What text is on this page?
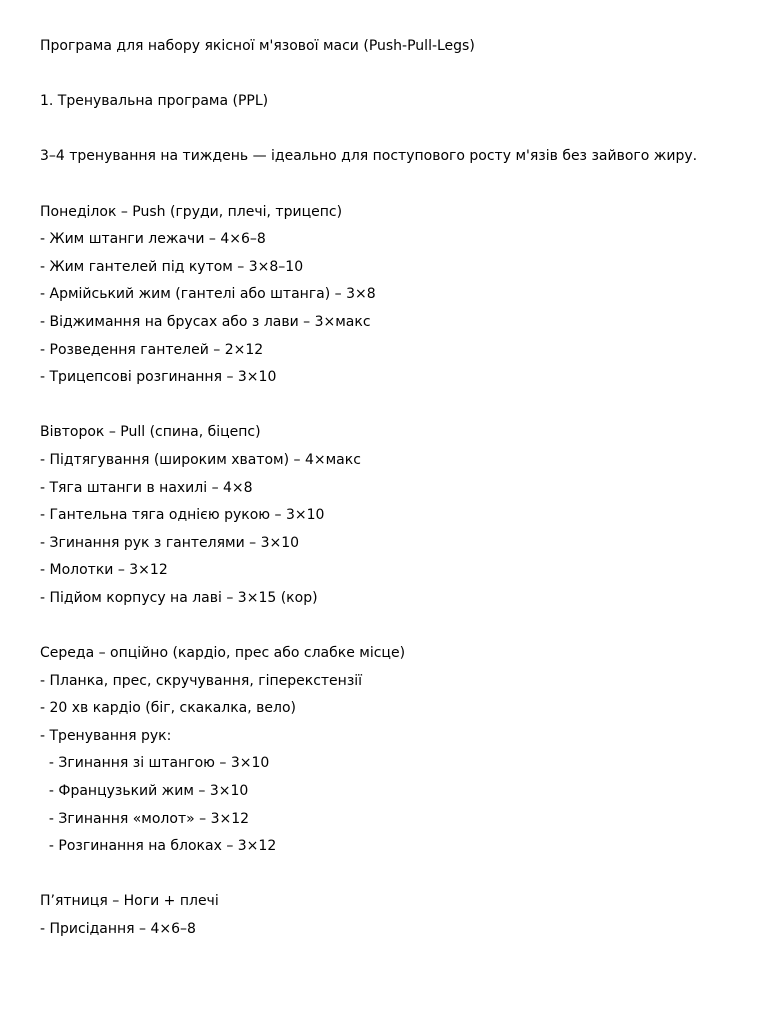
Програма для набору якісної м'язової маси (Push-Pull-Legs)
1. Тренувальна програма (PPL)
3–4 тренування на тиждень — ідеально для поступового росту м'язів без зайвого жиру.
Понеділок – Push (груди, плечі, трицепс)
- Жим штанги лежачи – 4×6–8
- Жим гантелей під кутом – 3×8–10
- Армійський жим (гантелі або штанга) – 3×8
- Віджимання на брусах або з лави – 3×макс
- Розведення гантелей – 2×12
- Трицепсові розгинання – 3×10
Вівторок – Pull (спина, біцепс)
- Підтягування (широким хватом) – 4×макс
- Тяга штанги в нахилі – 4×8
- Гантельна тяга однією рукою – 3×10
- Згинання рук з гантелями – 3×10
- Молотки – 3×12
- Підйом корпусу на лаві – 3×15 (кор)
Середа – опційно (кардіо, прес або слабке місце)
- Планка, прес, скручування, гіперекстензії
- 20 хв кардіо (біг, скакалка, вело)
- Тренування рук:
- Згинання зі штангою – 3×10
- Французький жим – 3×10
- Згинання «молот» – 3×12
- Розгинання на блоках – 3×12
П’ятниця – Ноги + плечі
- Присідання – 4×6–8
